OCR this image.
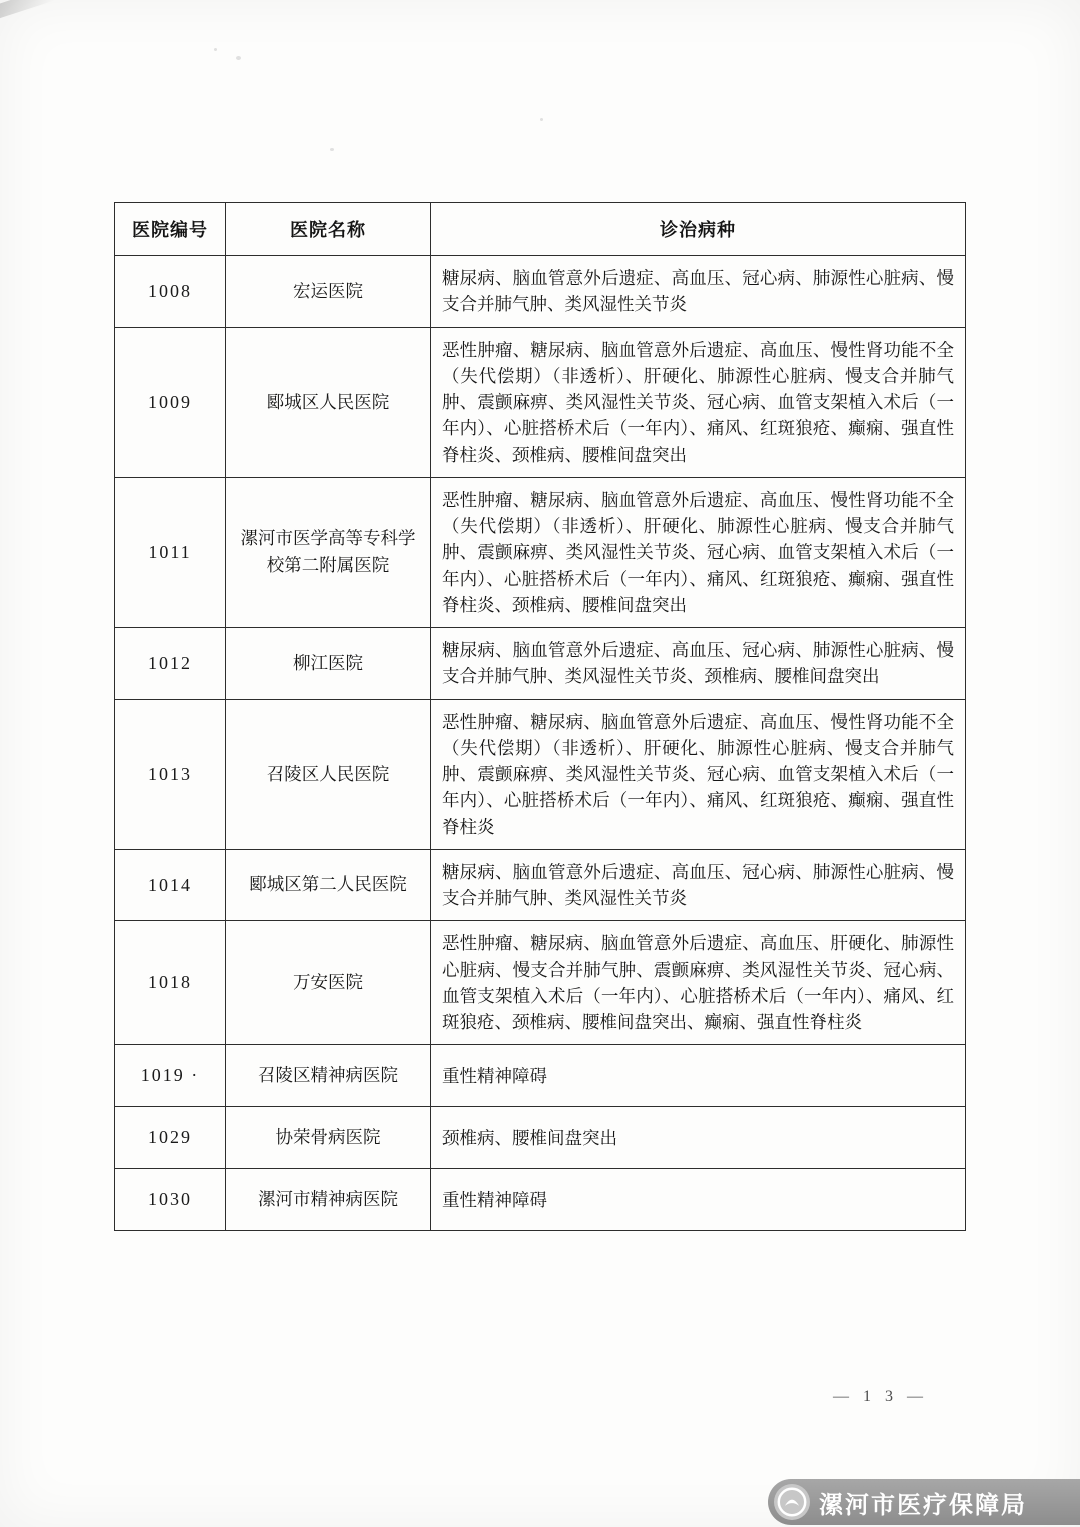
医院编号	医院名称	诊治病种
1008	宏运医院	糖尿病、脑血管意外后遗症、高血压、冠心病、肺源性心脏病、慢支合并肺气肿、类风湿性关节炎
1009	郾城区人民医院	恶性肿瘤、糖尿病、脑血管意外后遗症、高血压、慢性肾功能不全（失代偿期）（非透析）、肝硬化、肺源性心脏病、慢支合并肺气肿、震颤麻痹、类风湿性关节炎、冠心病、血管支架植入术后（一年内）、心脏搭桥术后（一年内）、痛风、红斑狼疮、癫痫、强直性脊柱炎、颈椎病、腰椎间盘突出
1011	漯河市医学高等专科学校第二附属医院	恶性肿瘤、糖尿病、脑血管意外后遗症、高血压、慢性肾功能不全（失代偿期）（非透析）、肝硬化、肺源性心脏病、慢支合并肺气肿、震颤麻痹、类风湿性关节炎、冠心病、血管支架植入术后（一年内）、心脏搭桥术后（一年内）、痛风、红斑狼疮、癫痫、强直性脊柱炎、颈椎病、腰椎间盘突出
1012	柳江医院	糖尿病、脑血管意外后遗症、高血压、冠心病、肺源性心脏病、慢支合并肺气肿、类风湿性关节炎、颈椎病、腰椎间盘突出
1013	召陵区人民医院	恶性肿瘤、糖尿病、脑血管意外后遗症、高血压、慢性肾功能不全（失代偿期）（非透析）、肝硬化、肺源性心脏病、慢支合并肺气肿、震颤麻痹、类风湿性关节炎、冠心病、血管支架植入术后（一年内）、心脏搭桥术后（一年内）、痛风、红斑狼疮、癫痫、强直性脊柱炎
1014	郾城区第二人民医院	糖尿病、脑血管意外后遗症、高血压、冠心病、肺源性心脏病、慢支合并肺气肿、类风湿性关节炎
1018	万安医院	恶性肿瘤、糖尿病、脑血管意外后遗症、高血压、肝硬化、肺源性心脏病、慢支合并肺气肿、震颤麻痹、类风湿性关节炎、冠心病、血管支架植入术后（一年内）、心脏搭桥术后（一年内）、痛风、红斑狼疮、颈椎病、腰椎间盘突出、癫痫、强直性脊柱炎
1019 ·	召陵区精神病医院	重性精神障碍
1029	协荣骨病医院	颈椎病、腰椎间盘突出
1030	漯河市精神病医院	重性精神障碍
— 1 3 —
漯河市医疗保障局
